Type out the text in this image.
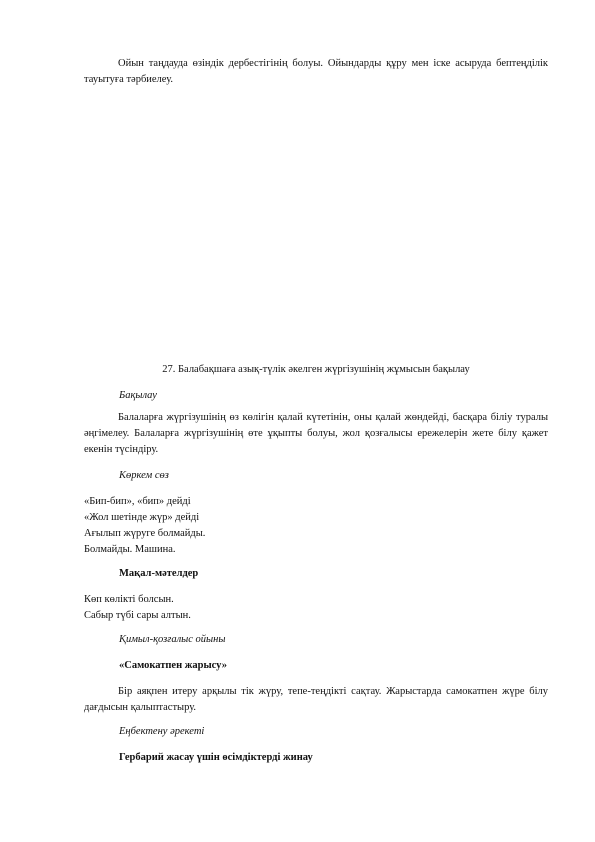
Ойын таңдауда өзіндік дербестігінің болуы. Ойындарды құру мен іске асыруда бептеңділік тауытуға тәрбиелеу.
27. Балабақшаға азық-түлік әкелген жүргізушінің жұмысын бақылау
Бақылау
Балаларға жүргізушінің өз көлігін қалай күтетінін, оны қалай жөндейді, басқара біліу туралы әңгімелеу. Балаларға жүргізушінің өте ұқыпты болуы, жол қозғалысы ережелерін жете білу қажет екенін түсіндіру.
Көркем сөз
«Бип-бип», «бип» дейді
«Жол шетінде жүр» дейді
Ағылып жүруге болмайды.
Болмайды. Машина.
Мақал-мәтелдер
Көп көлікті болсын.
Сабыр түбі сары алтын.
Қимыл-қозғалыс ойыны
«Самокатпен жарысу»
Бір аяқпен итеру арқылы тік жүру, тепе-теңдікті сақтау. Жарыстарда самокатпен жүре білу дағдысын қалыптастыру.
Еңбектену әрекеті
Гербарий жасау үшін өсімдіктерді жинау
